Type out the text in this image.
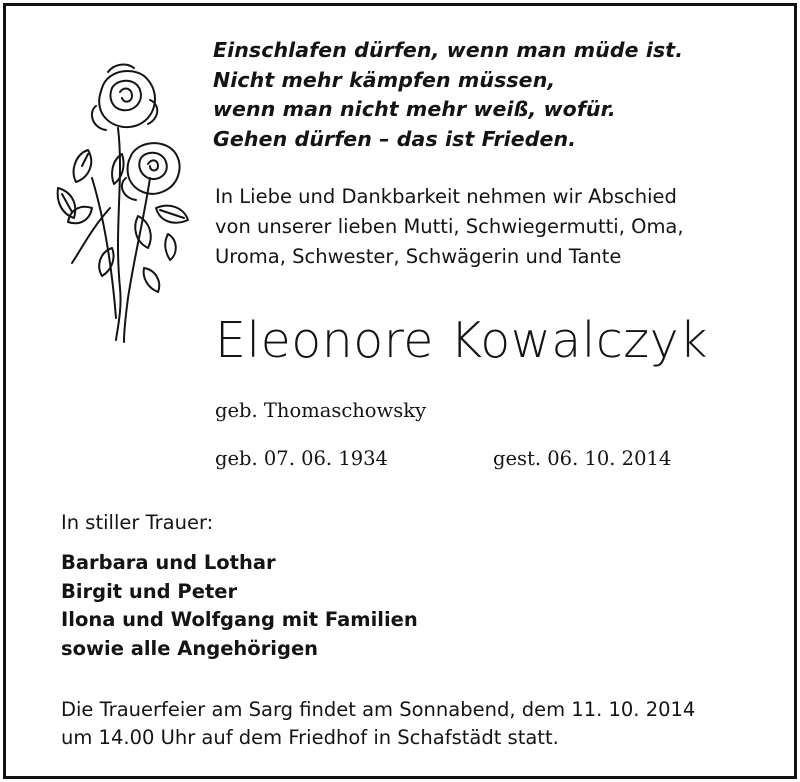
Einschlafen dürfen, wenn man müde ist.
Nicht mehr kämpfen müssen,
wenn man nicht mehr weiß, wofür.
Gehen dürfen – das ist Frieden.
In Liebe und Dankbarkeit nehmen wir Abschied
von unserer lieben Mutti, Schwiegermutti, Oma,
Uroma, Schwester, Schwägerin und Tante
Eleonore Kowalczyk
geb. Thomaschowsky
geb. 07. 06. 1934	gest. 06. 10. 2014
In stiller Trauer:
Barbara und Lothar
Birgit und Peter
Ilona und Wolfgang mit Familien
sowie alle Angehörigen
Die Trauerfeier am Sarg findet am Sonnabend, dem 11. 10. 2014
um 14.00 Uhr auf dem Friedhof in Schafstädt statt.
